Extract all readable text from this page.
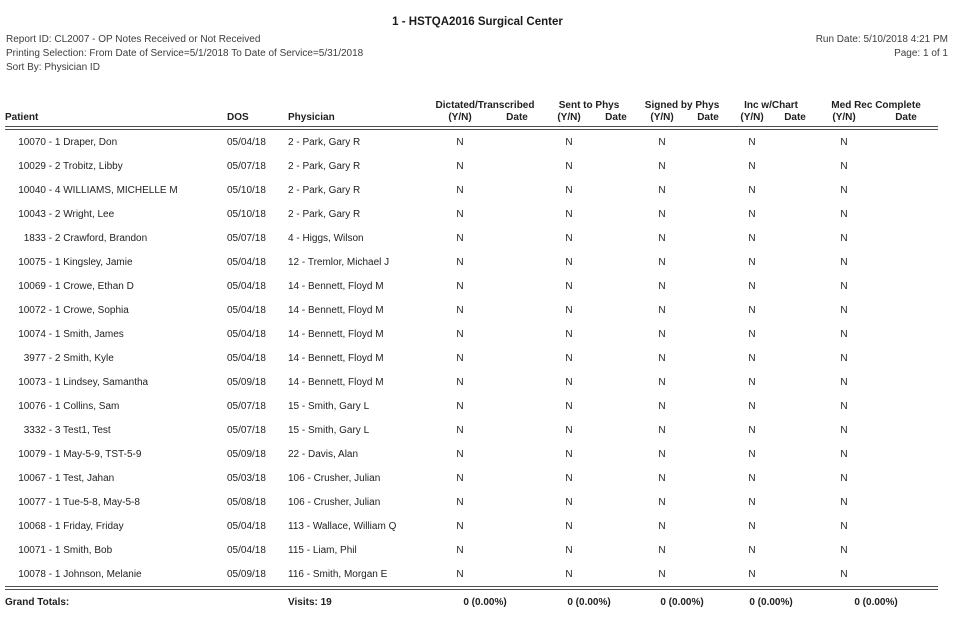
1 - HSTQA2016 Surgical Center
Report ID: CL2007 - OP Notes Received or Not Received
Printing Selection: From Date of Service=5/1/2018 To Date of Service=5/31/2018
Sort By: Physician ID
Run Date: 5/10/2018 4:21 PM
Page: 1 of 1
Patient	DOS	Physician	Dictated/Transcribed		Sent to Phys		Signed by Phys		Inc w/Chart		Med Rec Complete	
			(Y/N)	Date	(Y/N)	Date	(Y/N)	Date	(Y/N)	Date	(Y/N)	Date
10070 - 1 Draper, Don	05/04/18	2 - Park, Gary R	N		N		N		N		N	
10029 - 2 Trobitz, Libby	05/07/18	2 - Park, Gary R	N		N		N		N		N	
10040 - 4 WILLIAMS, MICHELLE M	05/10/18	2 - Park, Gary R	N		N		N		N		N	
10043 - 2 Wright, Lee	05/10/18	2 - Park, Gary R	N		N		N		N		N	
1833 - 2 Crawford, Brandon	05/07/18	4 - Higgs, Wilson	N		N		N		N		N	
10075 - 1 Kingsley, Jamie	05/04/18	12 - Tremlor, Michael J	N		N		N		N		N	
10069 - 1 Crowe, Ethan D	05/04/18	14 - Bennett, Floyd M	N		N		N		N		N	
10072 - 1 Crowe, Sophia	05/04/18	14 - Bennett, Floyd M	N		N		N		N		N	
10074 - 1 Smith, James	05/04/18	14 - Bennett, Floyd M	N		N		N		N		N	
3977 - 2 Smith, Kyle	05/04/18	14 - Bennett, Floyd M	N		N		N		N		N	
10073 - 1 Lindsey, Samantha	05/09/18	14 - Bennett, Floyd M	N		N		N		N		N	
10076 - 1 Collins, Sam	05/07/18	15 - Smith, Gary L	N		N		N		N		N	
3332 - 3 Test1, Test	05/07/18	15 - Smith, Gary L	N		N		N		N		N	
10079 - 1 May-5-9, TST-5-9	05/09/18	22 - Davis, Alan	N		N		N		N		N	
10067 - 1 Test, Jahan	05/03/18	106 - Crusher, Julian	N		N		N		N		N	
10077 - 1 Tue-5-8, May-5-8	05/08/18	106 - Crusher, Julian	N		N		N		N		N	
10068 - 1 Friday, Friday	05/04/18	113 - Wallace, William Q	N		N		N		N		N	
10071 - 1 Smith, Bob	05/04/18	115 - Liam, Phil	N		N		N		N		N	
10078 - 1 Johnson, Melanie	05/09/18	116 - Smith, Morgan E	N		N		N		N		N	
Grand Totals:		Visits: 19	0 (0.00%)		0 (0.00%)		0 (0.00%)		0 (0.00%)		0 (0.00%)	
